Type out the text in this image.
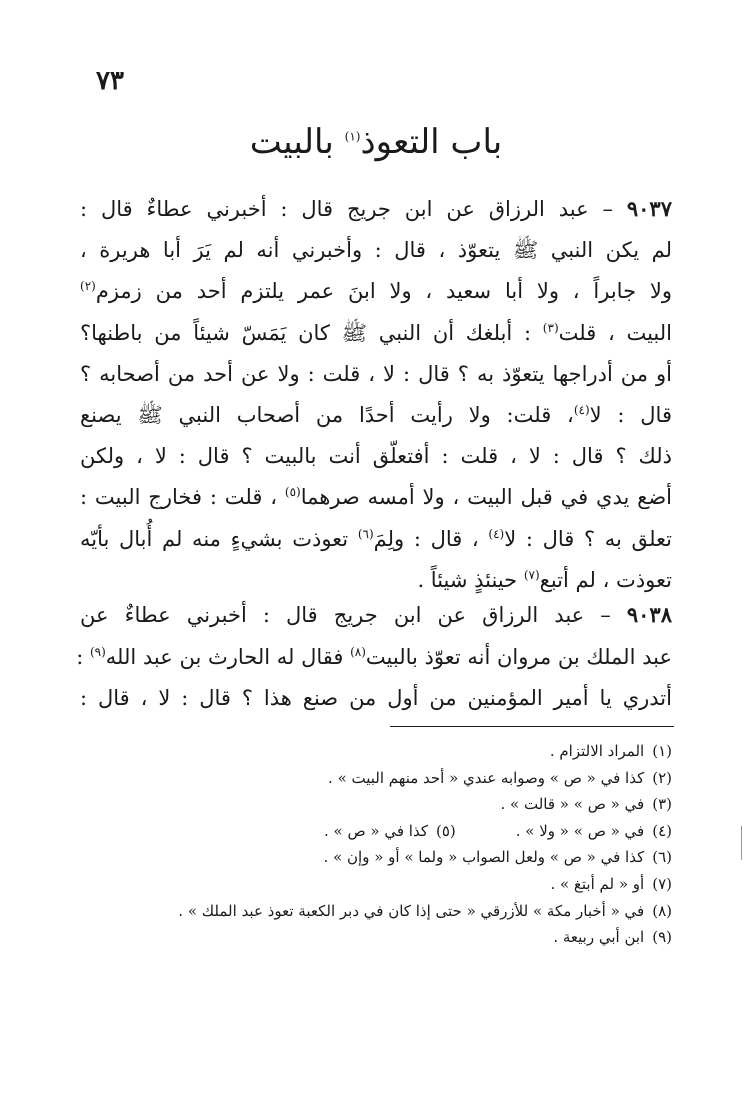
٧٣
باب التعوذ$^{(١)}$ بالبيت
٩٠٣٧ – عبد الرزاق عن ابن جريج قال : أخبرني عطاءٌ قال :
لم يكن النبي ﷺ يتعوّذ ، قال : وأخبرني أنه لم يَرَ أبا هريرة ،
ولا جابراً ، ولا أبا سعيد ، ولا ابنَ عمر يلتزم أحد من زمزم$^{(٢)}$
البيت ، قلت$^{(٣)}$ : أبلغك أن النبي ﷺ كان يَمَسّ شيئاً من باطنها؟
أو من أدراجها يتعوّذ به ؟ قال : لا ، قلت : ولا عن أحد من أصحابه ؟
قال : لا$^{(٤)}$، قلت: ولا رأيت أحدًا من أصحاب النبي ﷺ يصنع
ذلك ؟ قال : لا ، قلت : أفتعلّق أنت بالبيت ؟ قال : لا ، ولكن
أضع يدي في قبل البيت ، ولا أمسه صرهما$^{(٥)}$ ، قلت : فخارج البيت :
تعلق به ؟ قال : لا$^{(٤)}$ ، قال : ولِمَ$^{(٦)}$ تعوذت بشيءٍ منه لم أُبال بأيّه
تعوذت ، لم أتبع$^{(٧)}$ حينئذٍ شيئاً .
٩٠٣٨ – عبد الرزاق عن ابن جريج قال : أخبرني عطاءٌ عن
عبد الملك بن مروان أنه تعوّذ بالبيت$^{(٨)}$ فقال له الحارث بن عبد الله$^{(٩)}$ :
أتدري يا أمير المؤمنين من أول من صنع هذا ؟ قال : لا ، قال :
(١)المراد الالتزام .
(٢)كذا في « ص » وصوابه عندي « أحد منهم البيت » .
(٣)في « ص » « قالت » .
(٤)في « ص » « ولا » .(٥)كذا في « ص » .
(٦)كذا في « ص » ولعل الصواب « ولما » أو « وإن » .
(٧)أو « لم أبتغ » .
(٨)في « أخبار مكة » للأزرقي « حتى إذا كان في دبر الكعبة تعوذ عبد الملك » .
(٩)ابن أبي ربيعة .
